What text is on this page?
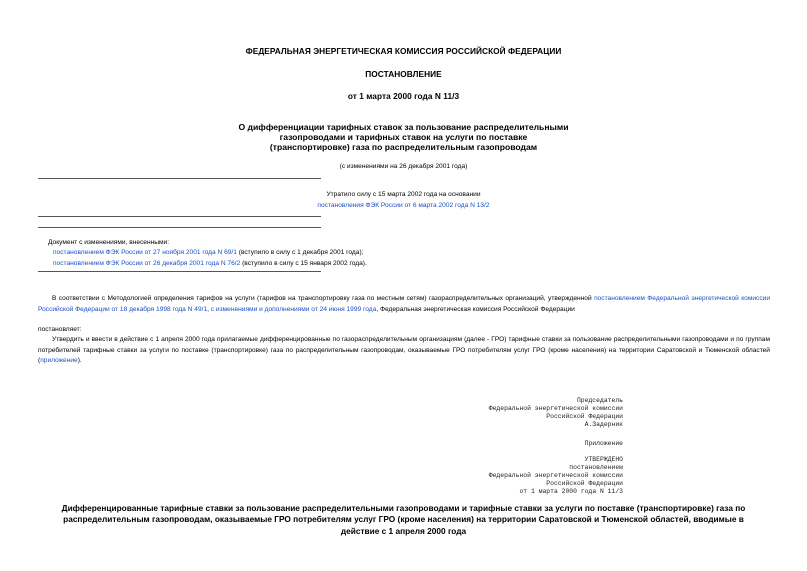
ФЕДЕРАЛЬНАЯ ЭНЕРГЕТИЧЕСКАЯ КОМИССИЯ РОССИЙСКОЙ ФЕДЕРАЦИИ
ПОСТАНОВЛЕНИЕ
от 1 марта 2000 года N 11/3
О дифференциации тарифных ставок за пользование распределительными
газопроводами и тарифных ставок на услуги по поставке
(транспортировке) газа по распределительным газопроводам
(с изменениями на 26 декабря 2001 года)
Утратило силу с 15 марта 2002 года на основании
постановления ФЭК России от 6 марта 2002 года N 13/2
Документ с изменениями, внесенными:
постановлением ФЭК России от 27 ноября 2001 года N 69/1 (вступило в силу с 1 декабря 2001 года);
постановлением ФЭК России от 26 декабря 2001 года N 76/2 (вступило в силу с 15 января 2002 года).
В соответствии с Методологией определения тарифов на услуги (тарифов на транспортировку газа по местным сетям) газораспределительных организаций, утвержденной постановлением Федеральной энергетической комиссии Российской Федерации от 18 декабря 1998 года N 49/1, с изменениями и дополнениями от 24 июня 1999 года, Федеральная энергетическая комиссия Российской Федерации
постановляет:
Утвердить и ввести в действие с 1 апреля 2000 года прилагаемые дифференцированные по газораспределительным организациям (далее - ГРО) тарифные ставки за пользование распределительными газопроводами и по группам потребителей тарифные ставки за услуги по поставке (транспортировке) газа по распределительным газопроводам, оказываемые ГРО потребителям услуг ГРО (кроме населения) на территории Саратовской и Тюменской областей (приложение).
Председатель
Федеральной энергетической комиссии
Российской Федерации
А.Задерник
Приложение
УТВЕРЖДЕНО
постановлением
Федеральной энергетической комиссии
Российской Федерации
от 1 марта 2000 года N 11/3
Дифференцированные тарифные ставки за пользование распределительными газопроводами и тарифные ставки за услуги по поставке (транспортировке) газа по
распределительным газопроводам, оказываемые ГРО потребителям услуг ГРО (кроме населения) на территории Саратовской и Тюменской областей, вводимые в
действие с 1 апреля 2000 года
